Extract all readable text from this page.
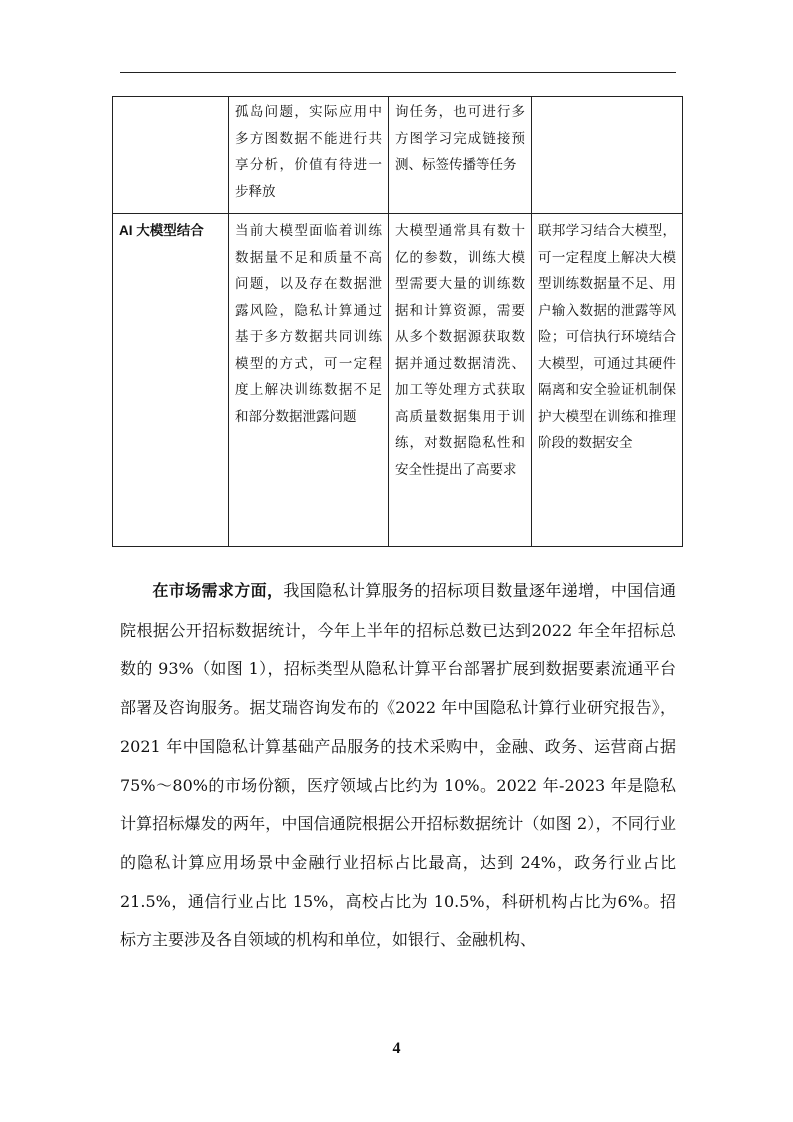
	孤岛问题，实际应用中多方图数据不能进行共享分析，价值有待进一步释放	询任务，也可进行多方图学习完成链接预测、标签传播等任务	
AI 大模型结合	当前大模型面临着训练数据量不足和质量不高问题，以及存在数据泄露风险，隐私计算通过基于多方数据共同训练模型的方式，可一定程度上解决训练数据不足和部分数据泄露问题	大模型通常具有数十亿的参数，训练大模型需要大量的训练数据和计算资源，需要从多个数据源获取数据并通过数据清洗、加工等处理方式获取高质量数据集用于训练，对数据隐私性和安全性提出了高要求	联邦学习结合大模型，可一定程度上解决大模型训练数据量不足、用户输入数据的泄露等风险；可信执行环境结合大模型，可通过其硬件隔离和安全验证机制保护大模型在训练和推理阶段的数据安全

在市场需求方面，我国隐私计算服务的招标项目数量逐年递增，中国信通院根据公开招标数据统计，今年上半年的招标总数已达到2022 年全年招标总数的 93%（如图 1），招标类型从隐私计算平台部署扩展到数据要素流通平台部署及咨询服务。据艾瑞咨询发布的《2022 年中国隐私计算行业研究报告》，2021 年中国隐私计算基础产品服务的技术采购中，金融、政务、运营商占据 75%～80%的市场份额，医疗领域占比约为 10%。2022 年-2023 年是隐私计算招标爆发的两年，中国信通院根据公开招标数据统计（如图 2），不同行业的隐私计算应用场景中金融行业招标占比最高，达到 24%，政务行业占比 21.5%，通信行业占比 15%，高校占比为 10.5%，科研机构占比为6%。招标方主要涉及各自领域的机构和单位，如银行、金融机构、

4
